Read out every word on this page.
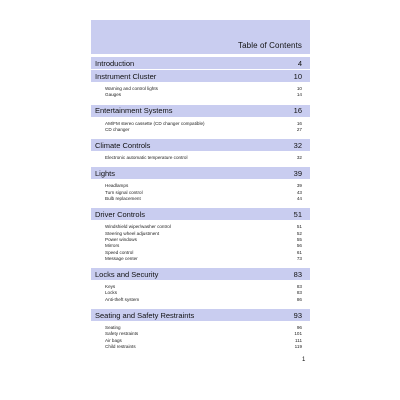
Table of Contents
Introduction	4
Instrument Cluster	10
Warning and control lights	10
Gauges	14
Entertainment Systems	16
AM/FM stereo cassette (CD changer compatible)	16
CD changer	27
Climate Controls	32
Electronic automatic temperature control	32
Lights	39
Headlamps	39
Turn signal control	43
Bulb replacement	44
Driver Controls	51
Windshield wiper/washer control	51
Steering wheel adjustment	52
Power windows	55
Mirrors	56
Speed control	61
Message center	73
Locks and Security	83
Keys	83
Locks	83
Anti-theft system	86
Seating and Safety Restraints	93
Seating	96
Safety restraints	101
Air bags	111
Child restraints	119
1
